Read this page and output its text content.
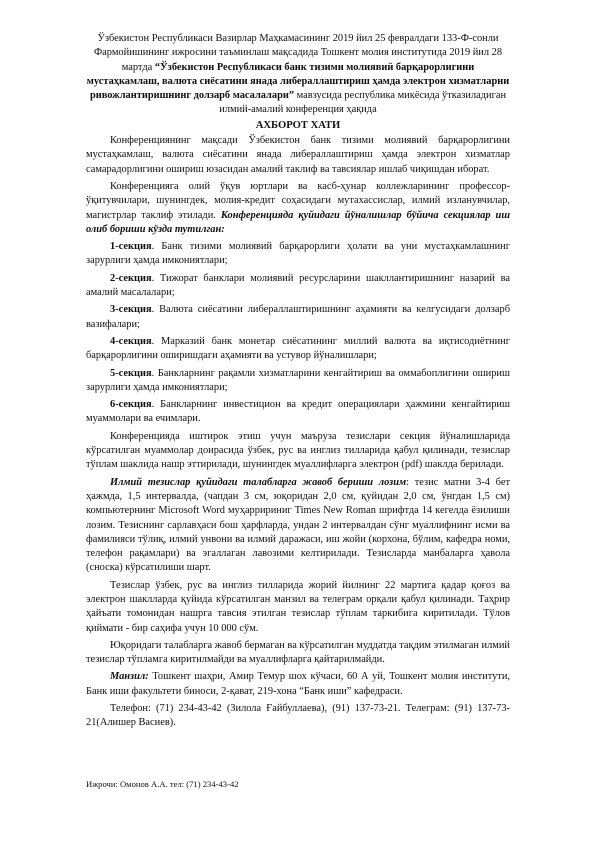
Ўзбекистон Республикаси Вазирлар Маҳкамасининг 2019 йил 25 февралдаги 133-Ф-сонли Фармойишининг ижросини таъминлаш мақсадида Тошкент молия институтида 2019 йил 28 мартда “Ўзбекистон Республикаси банк тизими молиявий барқарорлигини мустаҳкамлаш, валюта сиёсатини янада либераллаштириш ҳамда электрон хизматларни ривожлантиришнинг долзарб масалалари” мавзусида республика микёсида ўтказиладиган илмий-амалий конференция ҳақида
АХБОРОТ ХАТИ

Конференциянинг мақсади Ўзбекистон банк тизими молиявий барқарорлигини мустаҳкамлаш, валюта сиёсатини янада либераллаштириш ҳамда электрон хизматлар самарадорлигини ошириш юзасидан амалий таклиф ва тавсиялар ишлаб чиқишдан иборат.

Конференцияга олий ўқув юртлари ва касб-ҳунар коллежларининг профессор-ўқитувчилари, шунингдек, молия-кредит соҳасидаги мутахассислар, илмий изланувчилар, магистрлар таклиф этилади. Конференцияда қуйидаги йўналишлар бўйича секциялар иш олиб бориши кўзда тутилган:

1-секция. Банк тизими молиявий барқарорлиги ҳолати ва уни мустаҳкамлашнинг зарурлиги ҳамда имкониятлари;

2-секция. Тижорат банклари молиявий ресурсларини шакллантиришнинг назарий ва амалий масалалари;

3-секция. Валюта сиёсатини либераллаштиришнинг аҳамияти ва келгусидаги долзарб вазифалари;

4-секция. Марказий банк монетар сиёсатининг миллий валюта ва иқтисодиётнинг барқарорлигини оширишдаги аҳамияти ва устувор йўналишлари;

5-секция. Банкларнинг рақамли хизматларини кенгайтириш ва оммабоплигини ошириш зарурлиги ҳамда имкониятлари;

6-секция. Банкларнинг инвестицион ва кредит операциялари ҳажмини кенгайтириш муаммолари ва ечимлари.

Конференцияда иштирок этиш учун маъруза тезислари секция йўналишларида кўрсатилган муаммолар доирасида ўзбек, рус ва инглиз тилларида қабул қилинади, тезислар тўплам шаклида нашр эттирилади, шунингдек муаллифларга электрон (pdf) шаклда берилади.

Илмий тезислар қуйидаги талабларга жавоб бериши лозим: тезис матни 3-4 бет ҳажмда, 1,5 интервалда, (чапдан 3 см, юқоридан 2,0 см, қуйидан 2,0 см, ўнгдан 1,5 см) компьютернинг Microsoft Word муҳарририниг Times New Roman шрифтда 14 кегелда ёзилиши лозим. Тезиснинг сарлавҳаси бош ҳарфларда, ундан 2 интервалдан сўнг муаллифнинг исми ва фамилияси тўлиқ, илмий унвони ва илмий даражаси, иш жойи (корхона, бўлим, кафедра номи, телефон рақамлари) ва эгаллаган лавозими келтирилади. Тезисларда манбаларга ҳавола (сноска) кўрсатилиши шарт.

Тезислар ўзбек, рус ва инглиз тилларида жорий йилнинг 22 мартига қадар қоғоз ва электрон шаклларда қуйида кўрсатилган манзил ва телеграм орқали қабул қилинади. Таҳрир ҳайъати томонидан нашрга тавсия этилган тезислар тўплам таркибига киритилади. Тўлов қиймати - бир саҳифа учун 10 000 сўм.

Юқоридаги талабларга жавоб бермаган ва кўрсатилган муддатда тақдим этилмаган илмий тезислар тўпламга киритилмайди ва муаллифларга қайтарилмайди.

Манзил: Тошкент шаҳри, Амир Темур шох кўчаси, 60 А уй, Тошкент молия институти, Банк иши факультети биноси, 2-қават, 219-хона “Банк иши” кафедраси.

Телефон: (71) 234-43-42 (Зилола Ғайбуллаева), (91) 137-73-21. Телеграм: (91) 137-73-21(Алишер Васиев).

Ижрочи: Омонов А.А. тел: (71) 234-43-42
